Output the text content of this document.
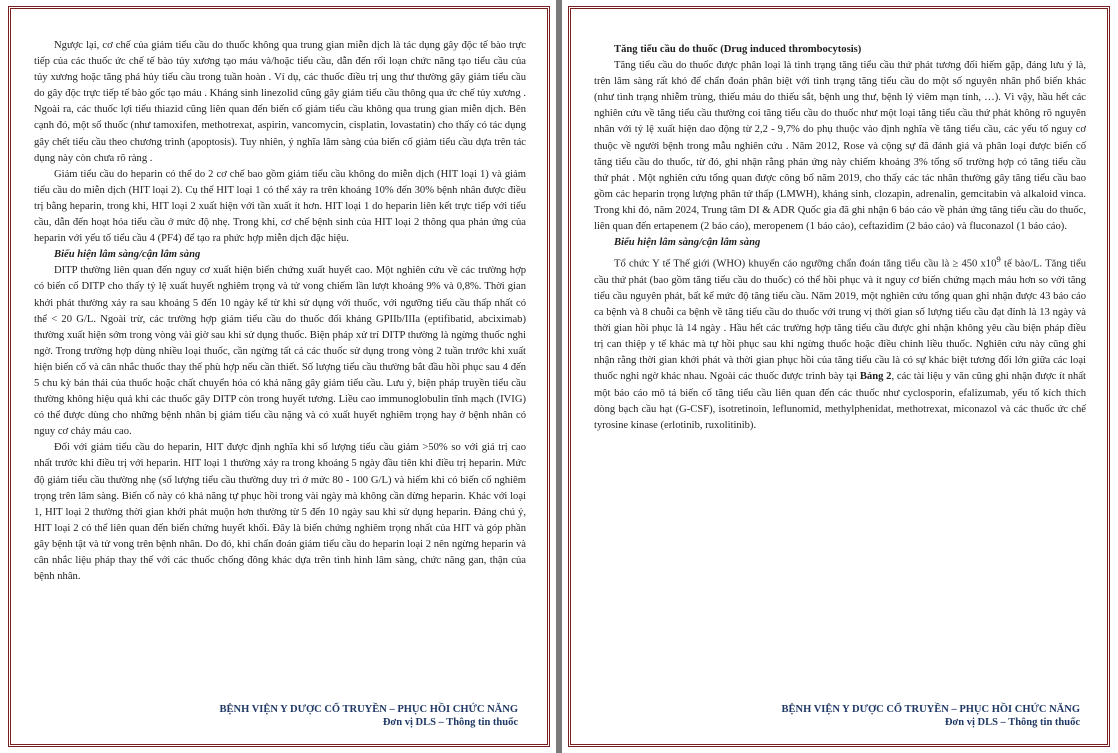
Ngược lại, cơ chế của giảm tiểu cầu do thuốc không qua trung gian miễn dịch là tác dụng gây độc tế bào trực tiếp của các thuốc ức chế tế bào tủy xương tạo máu và/hoặc tiểu cầu, dẫn đến rối loạn chức năng tạo tiểu cầu của tủy xương hoặc tăng phá hủy tiểu cầu trong tuần hoàn . Ví dụ, các thuốc điều trị ung thư thường gây giảm tiểu cầu do gây độc trực tiếp tế bào gốc tạo máu . Kháng sinh linezolid cũng gây giảm tiểu cầu thông qua ức chế tủy xương . Ngoài ra, các thuốc lợi tiểu thiazid cũng liên quan đến biến cố giảm tiểu cầu không qua trung gian miễn dịch. Bên cạnh đó, một số thuốc (như tamoxifen, methotrexat, aspirin, vancomycin, cisplatin, lovastatin) cho thấy có tác dụng gây chết tiểu cầu theo chương trình (apoptosis). Tuy nhiên, ý nghĩa lâm sàng của biến cố giảm tiểu cầu dựa trên tác dụng này còn chưa rõ ràng .

Giảm tiểu cầu do heparin có thể do 2 cơ chế bao gồm giảm tiểu cầu không do miễn dịch (HIT loại 1) và giảm tiểu cầu do miễn dịch (HIT loại 2). Cụ thể HIT loại 1 có thể xảy ra trên khoảng 10% đến 30% bệnh nhân được điều trị bằng heparin, trong khi, HIT loại 2 xuất hiện với tần xuất ít hơn. HIT loại 1 do heparin liên kết trực tiếp với tiểu cầu, dẫn đến hoạt hóa tiểu cầu ở mức độ nhẹ. Trong khi, cơ chế bệnh sinh của HIT loại 2 thông qua phản ứng của heparin với yếu tố tiểu cầu 4 (PF4) để tạo ra phức hợp miễn dịch đặc hiệu.

Biểu hiện lâm sàng/cận lâm sàng

DITP thường liên quan đến nguy cơ xuất hiện biến chứng xuất huyết cao. Một nghiên cứu về các trường hợp có biến cố DITP cho thấy tỷ lệ xuất huyết nghiêm trọng và tử vong chiếm lần lượt khoảng 9% và 0,8%. Thời gian khởi phát thường xảy ra sau khoảng 5 đến 10 ngày kể từ khi sử dụng với thuốc, với ngưỡng tiểu cầu thấp nhất có thể < 20 G/L. Ngoài trừ, các trường hợp giảm tiểu cầu do thuốc đối kháng GPIIb/IIIa (eptifibatid, abciximab) thường xuất hiện sớm trong vòng vài giờ sau khi sử dụng thuốc. Biện pháp xử trí DITP thường là ngừng thuốc nghi ngờ. Trong trường hợp dùng nhiều loại thuốc, cần ngừng tất cả các thuốc sử dụng trong vòng 2 tuần trước khi xuất hiện biến cố và cân nhắc thuốc thay thế phù hợp nếu cần thiết. Số lượng tiểu cầu thường bắt đầu hồi phục sau 4 đến 5 chu kỳ bán thải của thuốc hoặc chất chuyển hóa có khả năng gây giảm tiểu cầu. Lưu ý, biện pháp truyền tiểu cầu thường không hiệu quả khi các thuốc gây DITP còn trong huyết tương. Liều cao immunoglobulin tĩnh mạch (IVIG) có thể được dùng cho những bệnh nhân bị giảm tiểu cầu nặng và có xuất huyết nghiêm trọng hay ở bệnh nhân có nguy cơ chảy máu cao.

Đối với giảm tiểu cầu do heparin, HIT được định nghĩa khi số lượng tiểu cầu giảm >50% so với giá trị cao nhất trước khi điều trị với heparin. HIT loại 1 thường xảy ra trong khoảng 5 ngày đầu tiên khi điều trị heparin. Mức độ giảm tiểu cầu thường nhẹ (số lượng tiểu cầu thường duy trì ở mức 80 - 100 G/L) và hiếm khi có biến cố nghiêm trọng trên lâm sàng. Biến cố này có khả năng tự phục hồi trong vài ngày mà không cần dừng heparin. Khác với loại 1, HIT loại 2 thường thời gian khởi phát muộn hơn thường từ 5 đến 10 ngày sau khi sử dụng heparin. Đáng chú ý, HIT loại 2 có thể liên quan đến biến chứng huyết khối. Đây là biến chứng nghiêm trọng nhất của HIT và góp phần gây bệnh tật và tử vong trên bệnh nhân. Do đó, khi chẩn đoán giảm tiểu cầu do heparin loại 2 nên ngừng heparin và cân nhắc liệu pháp thay thế với các thuốc chống đông khác dựa trên tình hình lâm sàng, chức năng gan, thận của bệnh nhân.

BỆNH VIỆN Y DƯỢC CỔ TRUYỀN – PHỤC HỒI CHỨC NĂNG
Đơn vị DLS – Thông tin thuốc
Tăng tiểu cầu do thuốc (Drug induced thrombocytosis)

Tăng tiểu cầu do thuốc được phân loại là tình trạng tăng tiểu cầu thứ phát tương đối hiếm gặp, đáng lưu ý là, trên lâm sàng rất khó để chẩn đoán phân biệt với tình trạng tăng tiểu cầu do một số nguyên nhân phổ biến khác (như tình trạng nhiễm trùng, thiếu máu do thiếu sắt, bệnh ung thư, bệnh lý viêm mạn tính, …). Vì vậy, hầu hết các nghiên cứu về tăng tiểu cầu thường coi tăng tiểu cầu do thuốc như một loại tăng tiểu cầu thứ phát không rõ nguyên nhân với tỷ lệ xuất hiện dao động từ 2,2 - 9,7% do phụ thuộc vào định nghĩa về tăng tiểu cầu, các yếu tố nguy cơ thuộc về người bệnh trong mẫu nghiên cứu . Năm 2012, Rose và cộng sự đã đánh giá và phân loại được biến cố tăng tiểu cầu do thuốc, từ đó, ghi nhận rằng phản ứng này chiếm khoảng 3% tổng số trường hợp có tăng tiểu cầu thứ phát . Một nghiên cứu tổng quan được công bố năm 2019, cho thấy các tác nhân thường gây tăng tiểu cầu bao gồm các heparin trọng lượng phân tử thấp (LMWH), kháng sinh, clozapin, adrenalin, gemcitabin và alkaloid vinca. Trong khi đó, năm 2024, Trung tâm DI & ADR Quốc gia đã ghi nhận 6 báo cáo về phản ứng tăng tiểu cầu do thuốc, liên quan đến ertapenem (2 báo cáo), meropenem (1 báo cáo), ceftazidim (2 báo cáo) và fluconazol (1 báo cáo).

Biểu hiện lâm sàng/cận lâm sàng

Tổ chức Y tế Thế giới (WHO) khuyến cáo ngưỡng chẩn đoán tăng tiểu cầu là ≥ 450 $x10^9$ tế bào/L. Tăng tiểu cầu thứ phát (bao gồm tăng tiểu cầu do thuốc) có thể hồi phục và ít nguy cơ biến chứng mạch máu hơn so với tăng tiểu cầu nguyên phát, bất kể mức độ tăng tiểu cầu. Năm 2019, một nghiên cứu tổng quan ghi nhận được 43 báo cáo ca bệnh và 8 chuỗi ca bệnh về tăng tiểu cầu do thuốc với trung vị thời gian số lượng tiểu cầu đạt đỉnh là 13 ngày và thời gian hồi phục là 14 ngày . Hầu hết các trường hợp tăng tiểu cầu được ghi nhận không yêu cầu biện pháp điều trị can thiệp y tế khác mà tự hồi phục sau khi ngừng thuốc hoặc điều chỉnh liều thuốc. Nghiên cứu này cũng ghi nhận rằng thời gian khởi phát và thời gian phục hồi của tăng tiểu cầu là có sự khác biệt tương đối lớn giữa các loại thuốc nghi ngờ khác nhau. Ngoài các thuốc được trình bày tại Bảng 2, các tài liệu y văn cũng ghi nhận được ít nhất một báo cáo mô tả biến cố tăng tiểu cầu liên quan đến các thuốc như cyclosporin, efalizumab, yếu tố kích thích dòng bạch cầu hạt (G-CSF), isotretinoin, leflunomid, methylphenidat, methotrexat, miconazol và các thuốc ức chế tyrosine kinase (erlotinib, ruxolitinib).

BỆNH VIỆN Y DƯỢC CỔ TRUYỀN – PHỤC HỒI CHỨC NĂNG
Đơn vị DLS – Thông tin thuốc
